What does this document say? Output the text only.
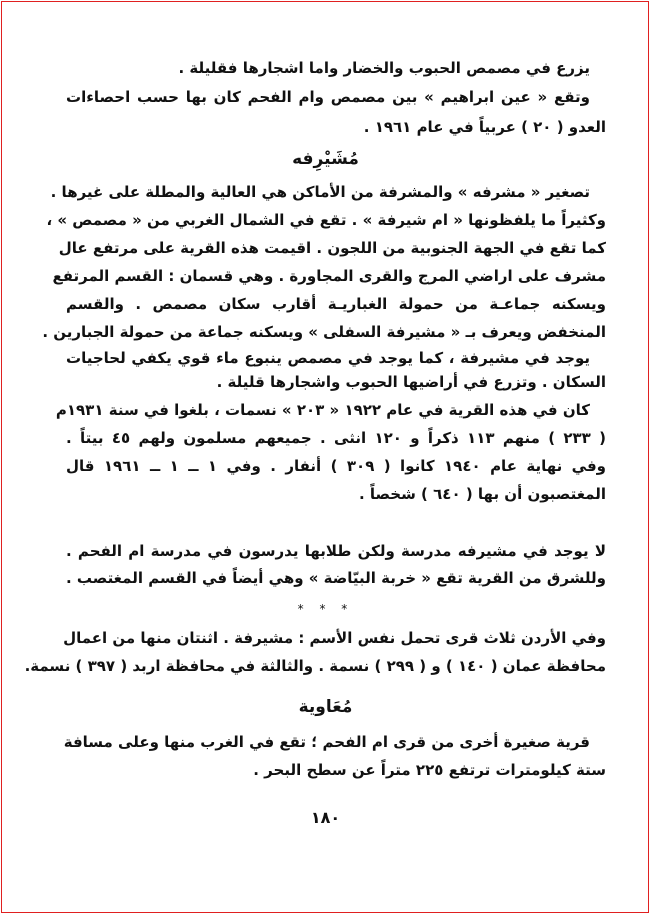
يزرع في مصمص الحبوب والخضار واما اشجارها فقليلة .
وتقع « عين ابراهيم » بين مصمص وام الفحم كان بها حسب احصاءات
العدو ( ٢٠ ) عربياً في عام ١٩٦١ .
مُشَيْرِفه
تصغير « مشرفه » والمشرفة من الأماكن هي العالية والمطلة على غيرها .
وكثيراً ما يلفظونها « ام شيرفة » . تقع في الشمال الغربي من « مصمص » ،
كما تقع في الجهة الجنوبية من اللجون . اقيمت هذه القرية على مرتفع عال
مشرف على اراضي المرج والقرى المجاورة . وهي قسمان : القسم المرتفع
ويسكنه جماعـة من حمولة الغباريـة أقارب سكان مصمص . والقسم
المنخفض ويعرف بـ « مشيرفة السفلى » ويسكنه جماعة من حمولة الجبارين .
يوجد في مشيرفة ، كما يوجد في مصمص ينبوع ماء قوي يكفي لحاجيات
السكان . وتزرع في أراضيها الحبوب واشجارها قليلة .
كان في هذه القرية في عام ١٩٢٢ « ٢٠٣ » نسمات ، بلغوا في سنة ١٩٣١م
( ٢٣٣ ) منهم ١١٣ ذكراً و ١٢٠ انثى . جميعهم مسلمون ولهم ٤٥ بيتاً .
وفي نهاية عام ١٩٤٠ كانوا ( ٣٠٩ ) أنفار . وفي ١ ــ ١ ــ ١٩٦١ قال
المغتصبون أن بها ( ٦٤٠ ) شخصاً .
لا يوجد في مشيرفه مدرسة ولكن طلابها يدرسون في مدرسة ام الفحم .
وللشرق من القرية تقع « خربة البيّاضة » وهي أيضاً في القسم المغتصب .
* * *
وفي الأردن ثلاث قرى تحمل نفس الأسم : مشيرفة . اثنتان منها من اعمال
محافظة عمان ( ١٤٠ ) و ( ٢٩٩ ) نسمة . والثالثة في محافظة اربد ( ٣٩٧ ) نسمة.
مُعَاوية
قرية صغيرة أخرى من قرى ام الفحم ؛ تقع في الغرب منها وعلى مسافة
ستة كيلومترات ترتفع ٢٢٥ متراً عن سطح البحر .
١٨٠
